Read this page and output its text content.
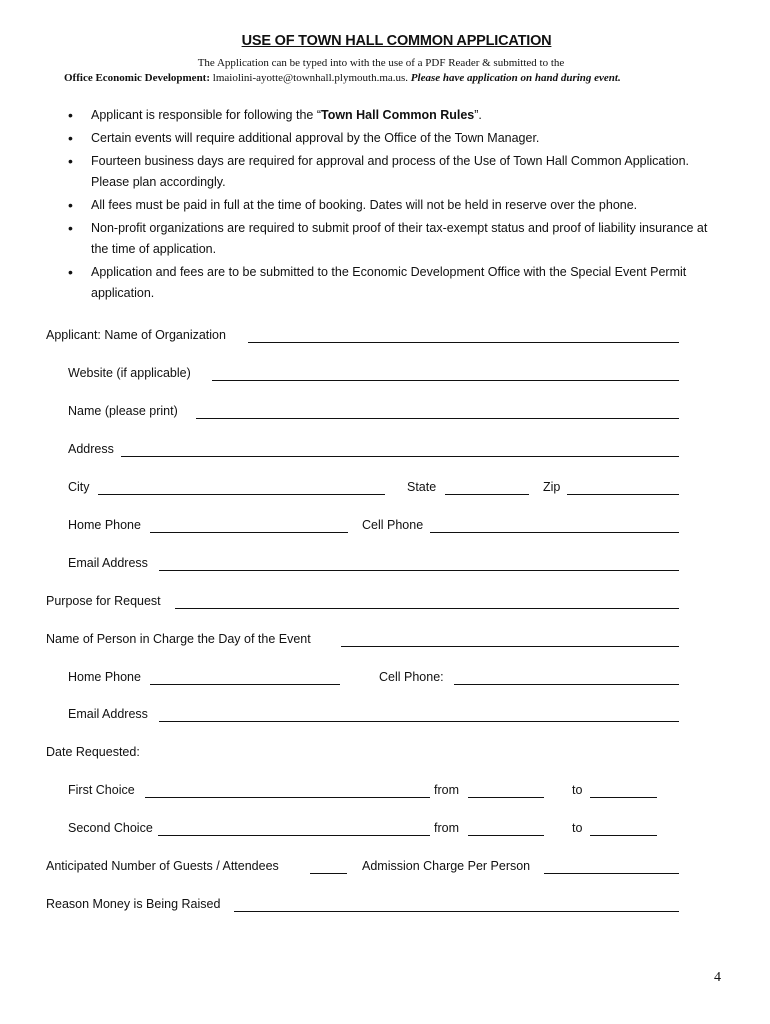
USE OF TOWN HALL COMMON APPLICATION
The Application can be typed into with the use of a PDF Reader & submitted to the
Office Economic Development: lmaiolini-ayotte@townhall.plymouth.ma.us. Please have application on hand during event.
• Applicant is responsible for following the “Town Hall Common Rules”.
• Certain events will require additional approval by the Office of the Town Manager.
• Fourteen business days are required for approval and process of the Use of Town Hall Common Application. Please plan accordingly.
• All fees must be paid in full at the time of booking. Dates will not be held in reserve over the phone.
• Non-profit organizations are required to submit proof of their tax-exempt status and proof of liability insurance at the time of application.
• Application and fees are to be submitted to the Economic Development Office with the Special Event Permit application.
Applicant: Name of Organization
Website (if applicable)
Name (please print)
Address
City	State	Zip
Home Phone	Cell Phone
Email Address
Purpose for Request
Name of Person in Charge the Day of the Event
Home Phone	Cell Phone:
Email Address
Date Requested:
First Choice	from	to
Second Choice	from	to
Anticipated Number of Guests / Attendees	Admission Charge Per Person
Reason Money is Being Raised
4
